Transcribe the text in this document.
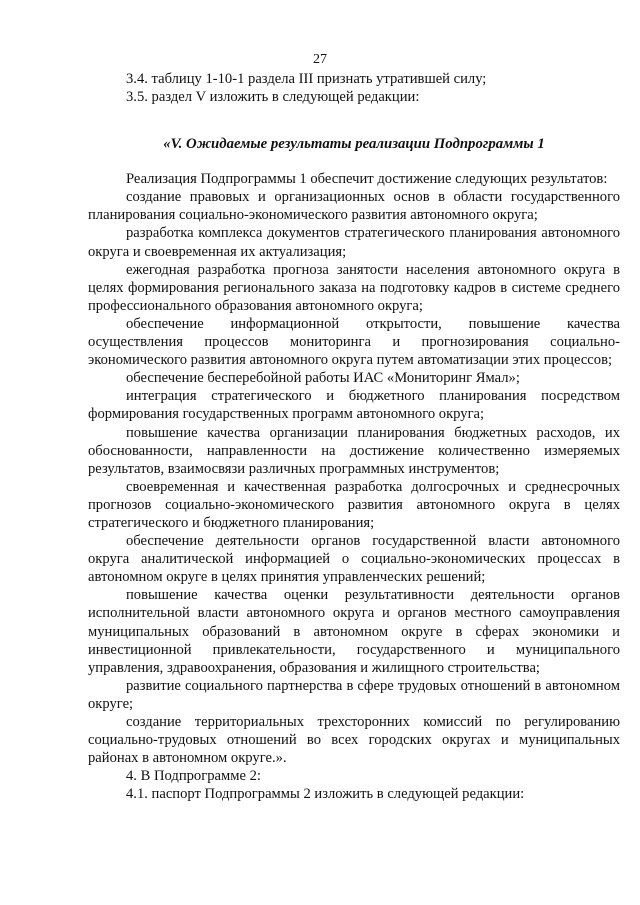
27

3.4. таблицу 1-10-1 раздела III признать утратившей силу;

3.5. раздел V изложить в следующей редакции:

«V. Ожидаемые результаты реализации Подпрограммы 1

Реализация Подпрограммы 1 обеспечит достижение следующих результатов:

создание правовых и организационных основ в области государственного планирования социально-экономического развития автономного округа;

разработка комплекса документов стратегического планирования автономного округа и своевременная их актуализация;

ежегодная разработка прогноза занятости населения автономного округа в целях формирования регионального заказа на подготовку кадров в системе среднего профессионального образования автономного округа;

обеспечение информационной открытости, повышение качества осуществления процессов мониторинга и прогнозирования социально-экономического развития автономного округа путем автоматизации этих процессов;

обеспечение бесперебойной работы ИАС «Мониторинг Ямал»;

интеграция стратегического и бюджетного планирования посредством формирования государственных программ автономного округа;

повышение качества организации планирования бюджетных расходов, их обоснованности, направленности на достижение количественно измеряемых результатов, взаимосвязи различных программных инструментов;

своевременная и качественная разработка долгосрочных и среднесрочных прогнозов социально-экономического развития автономного округа в целях стратегического и бюджетного планирования;

обеспечение деятельности органов государственной власти автономного округа аналитической информацией о социально-экономических процессах в автономном округе в целях принятия управленческих решений;

повышение качества оценки результативности деятельности органов исполнительной власти автономного округа и органов местного самоуправления муниципальных образований в автономном округе в сферах экономики и инвестиционной привлекательности, государственного и муниципального управления, здравоохранения, образования и жилищного строительства;

развитие социального партнерства в сфере трудовых отношений в автономном округе;

создание территориальных трехсторонних комиссий по регулированию социально-трудовых отношений во всех городских округах и муниципальных районах в автономном округе.».

4. В Подпрограмме 2:

4.1. паспорт Подпрограммы 2 изложить в следующей редакции:
